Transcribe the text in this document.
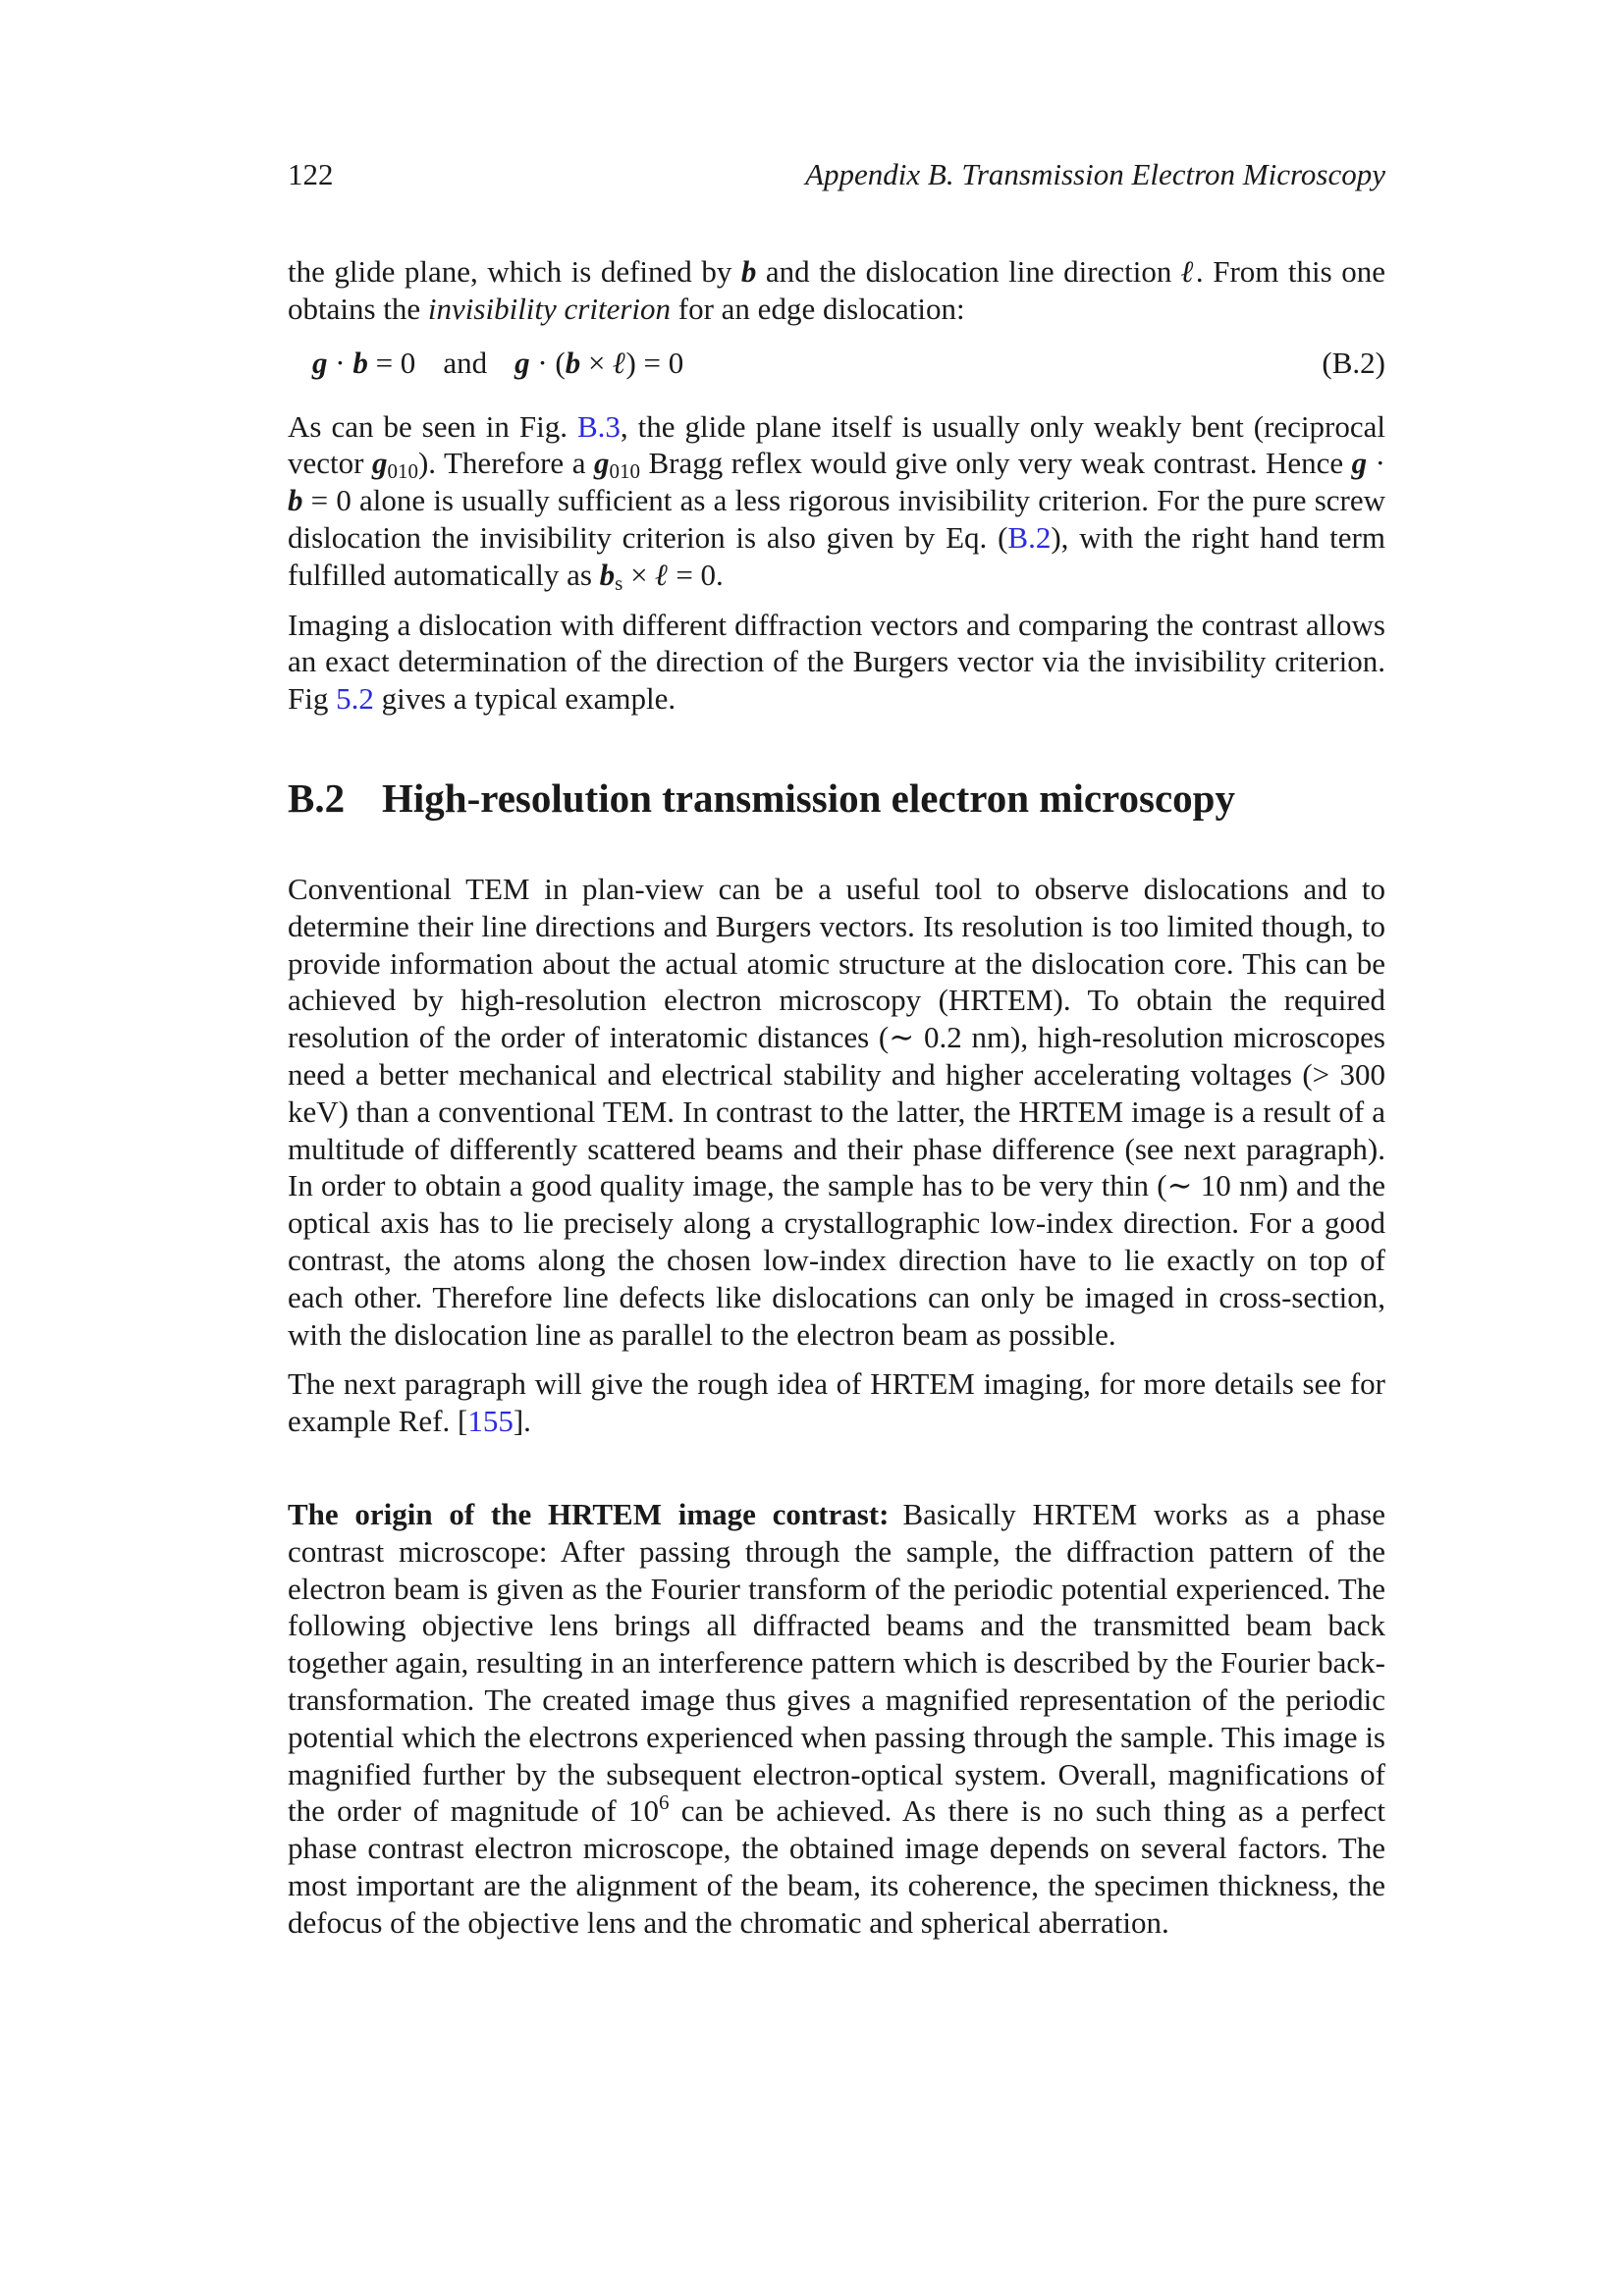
122	Appendix B. Transmission Electron Microscopy

the glide plane, which is defined by b and the dislocation line direction ℓ. From this one obtains the invisibility criterion for an edge dislocation:

g · b = 0 and g · (b × ℓ) = 0	(B.2)

As can be seen in Fig. B.3, the glide plane itself is usually only weakly bent (reciprocal vector $g_{010}$). Therefore a $g_{010}$ Bragg reflex would give only very weak contrast. Hence g · b = 0 alone is usually sufficient as a less rigorous invisibility criterion. For the pure screw dislocation the invisibility criterion is also given by Eq. (B.2), with the right hand term fulfilled automatically as $b_s$ × ℓ = 0.

Imaging a dislocation with different diffraction vectors and comparing the contrast allows an exact determination of the direction of the Burgers vector via the invisibility criterion. Fig 5.2 gives a typical example.

B.2 High-resolution transmission electron microscopy

Conventional TEM in plan-view can be a useful tool to observe dislocations and to determine their line directions and Burgers vectors. Its resolution is too limited though, to provide information about the actual atomic structure at the dislocation core. This can be achieved by high-resolution electron microscopy (HRTEM). To obtain the required resolution of the order of interatomic distances (∼ 0.2 nm), high-resolution microscopes need a better mechanical and electrical stability and higher accelerating voltages (> 300 keV) than a conventional TEM. In contrast to the latter, the HRTEM image is a result of a multitude of differently scattered beams and their phase difference (see next paragraph). In order to obtain a good quality image, the sample has to be very thin (∼ 10 nm) and the optical axis has to lie precisely along a crystallographic low-index direction. For a good contrast, the atoms along the chosen low-index direction have to lie exactly on top of each other. Therefore line defects like dislocations can only be imaged in cross-section, with the dislocation line as parallel to the electron beam as possible.

The next paragraph will give the rough idea of HRTEM imaging, for more details see for example Ref. [155].

The origin of the HRTEM image contrast: Basically HRTEM works as a phase contrast microscope: After passing through the sample, the diffraction pattern of the electron beam is given as the Fourier transform of the periodic potential experienced. The following objective lens brings all diffracted beams and the transmitted beam back together again, resulting in an interference pattern which is described by the Fourier back-transformation. The created image thus gives a magnified representation of the periodic potential which the electrons experienced when passing through the sample. This image is magnified further by the subsequent electron-optical system. Overall, magnifications of the order of magnitude of $10^6$ can be achieved. As there is no such thing as a perfect phase contrast electron microscope, the obtained image depends on several factors. The most important are the alignment of the beam, its coherence, the specimen thickness, the defocus of the objective lens and the chromatic and spherical aberration.
